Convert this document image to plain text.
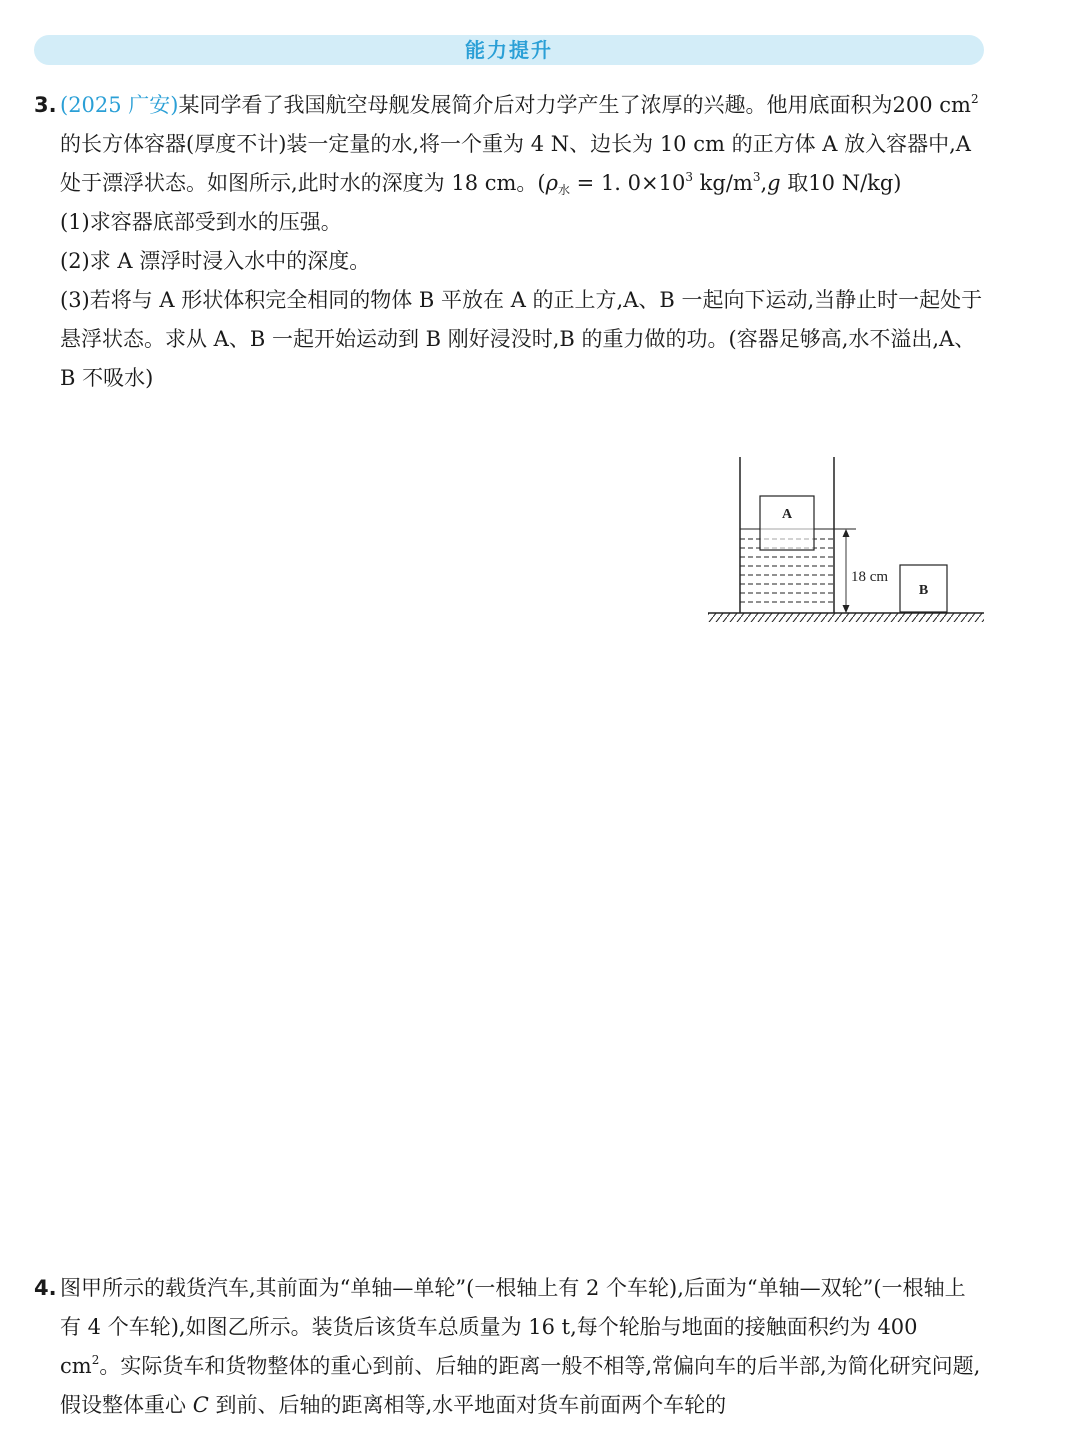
能力提升

3. (2025 广安)某同学看了我国航空母舰发展简介后对力学产生了浓厚的兴趣。他用底面积为200 $cm^2$ 的长方体容器(厚度不计)装一定量的水,将一个重为 4 N、边长为 10 cm 的正方体 A 放入容器中,A 处于漂浮状态。如图所示,此时水的深度为 18 cm。($\rho_水 = 1$. $0\times 10^3$ $kg/m^3,g$ 取10 N/kg)

(1)求容器底部受到水的压强。

(2)求 A 漂浮时浸入水中的深度。

(3)若将与 A 形状体积完全相同的物体 B 平放在 A 的正上方,A、B 一起向下运动,当静止时一起处于悬浮状态。求从 A、B 一起开始运动到 B 刚好浸没时,B 的重力做的功。(容器足够高,水不溢出,A、B 不吸水)

A
18 cm
B

4. 图甲所示的载货汽车,其前面为“单轴—单轮”(一根轴上有 2 个车轮),后面为“单轴—双轮”(一根轴上有 4 个车轮),如图乙所示。装货后该货车总质量为 16 t,每个轮胎与地面的接触面积约为 400 $cm^2$。实际货车和货物整体的重心到前、后轴的距离一般不相等,常偏向车的后半部,为简化研究问题,假设整体重心 C 到前、后轴的距离相等,水平地面对货车前面两个车轮的
